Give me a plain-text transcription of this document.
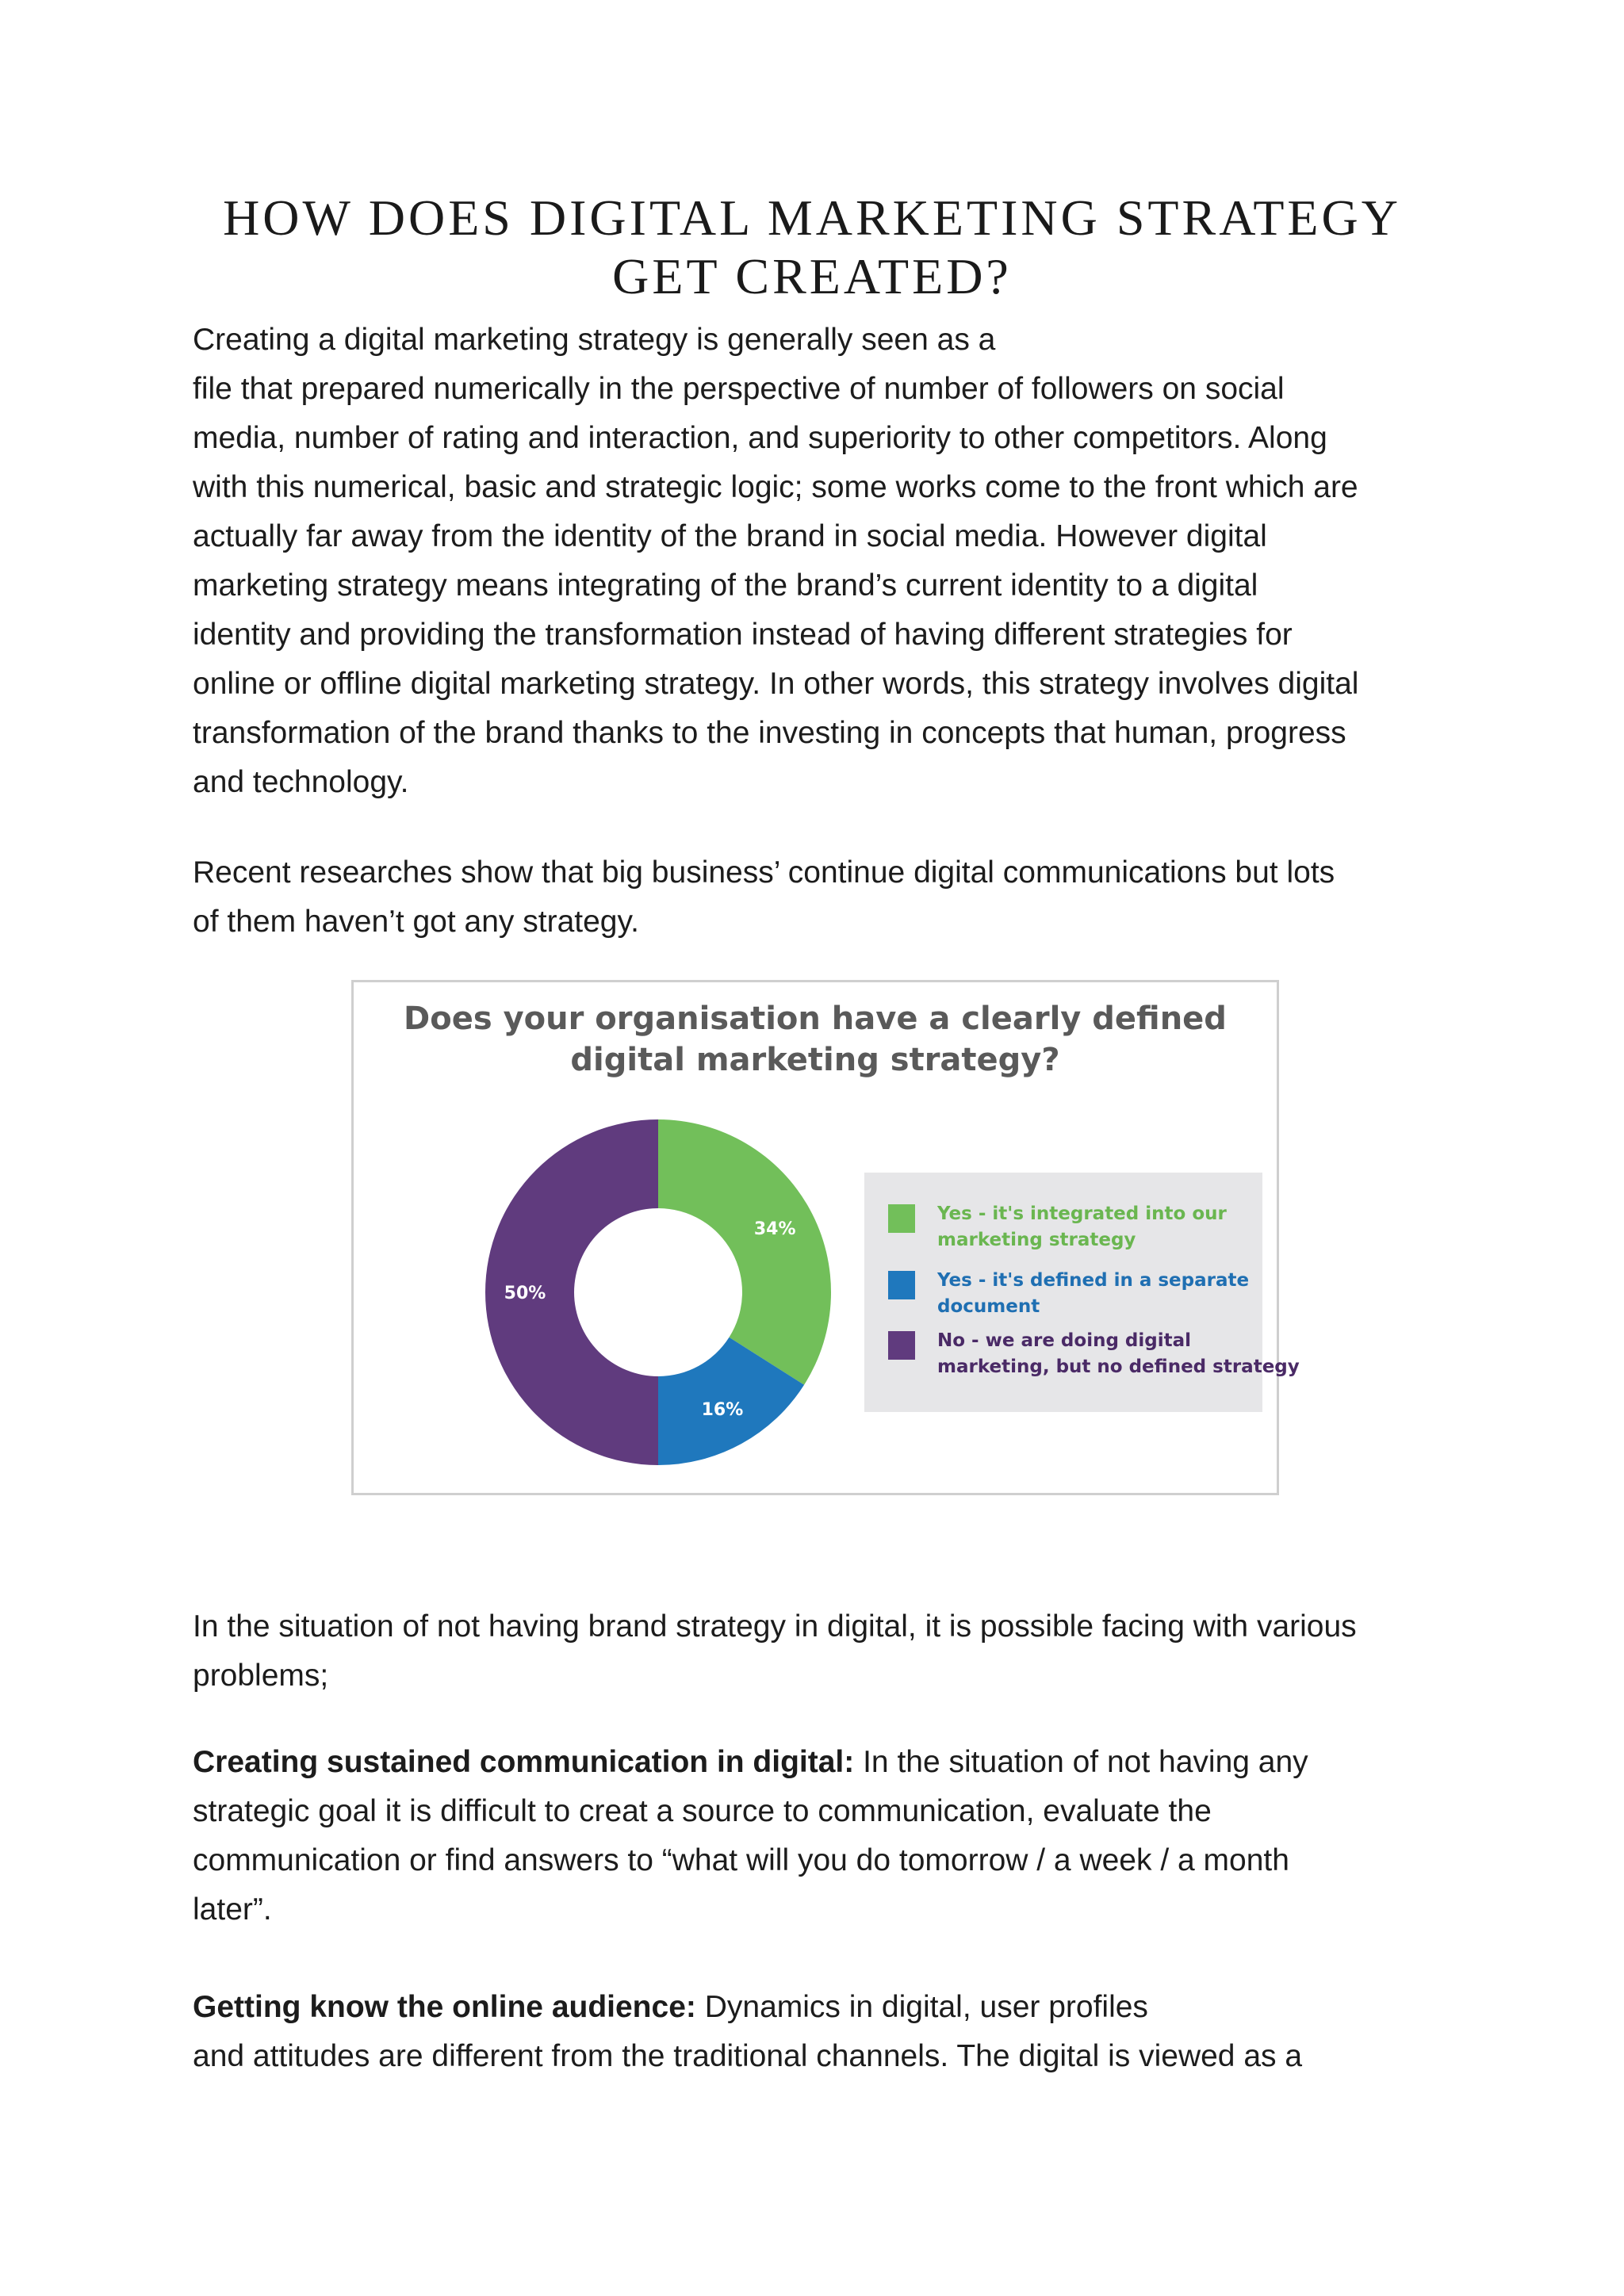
HOW DOES DIGITAL MARKETING STRATEGY
GET CREATED?

Creating a digital marketing strategy is generally seen as a
file that prepared numerically in the perspective of number of followers on social
media, number of rating and interaction, and superiority to other competitors. Along
with this numerical, basic and strategic logic; some works come to the front which are
actually far away from the identity of the brand in social media. However digital
marketing strategy means integrating of the brand’s current identity to a digital
identity and providing the transformation instead of having different strategies for
online or offline digital marketing strategy. In other words, this strategy involves digital
transformation of the brand thanks to the investing in concepts that human, progress
and technology.

Recent researches show that big business’ continue digital communications but lots
of them haven’t got any strategy.

Does your organisation have a clearly defined
digital marketing strategy?
34%
16%
50%
Yes - it's integrated into our
marketing strategy
Yes - it's defined in a separate
document
No - we are doing digital
marketing, but no defined strategy

In the situation of not having brand strategy in digital, it is possible facing with various
problems;

Creating sustained communication in digital: In the situation of not having any
strategic goal it is difficult to creat a source to communication, evaluate the
communication or find answers to “what will you do tomorrow / a week / a month
later”.

Getting know the online audience: Dynamics in digital, user profiles
and attitudes are different from the traditional channels. The digital is viewed as a
